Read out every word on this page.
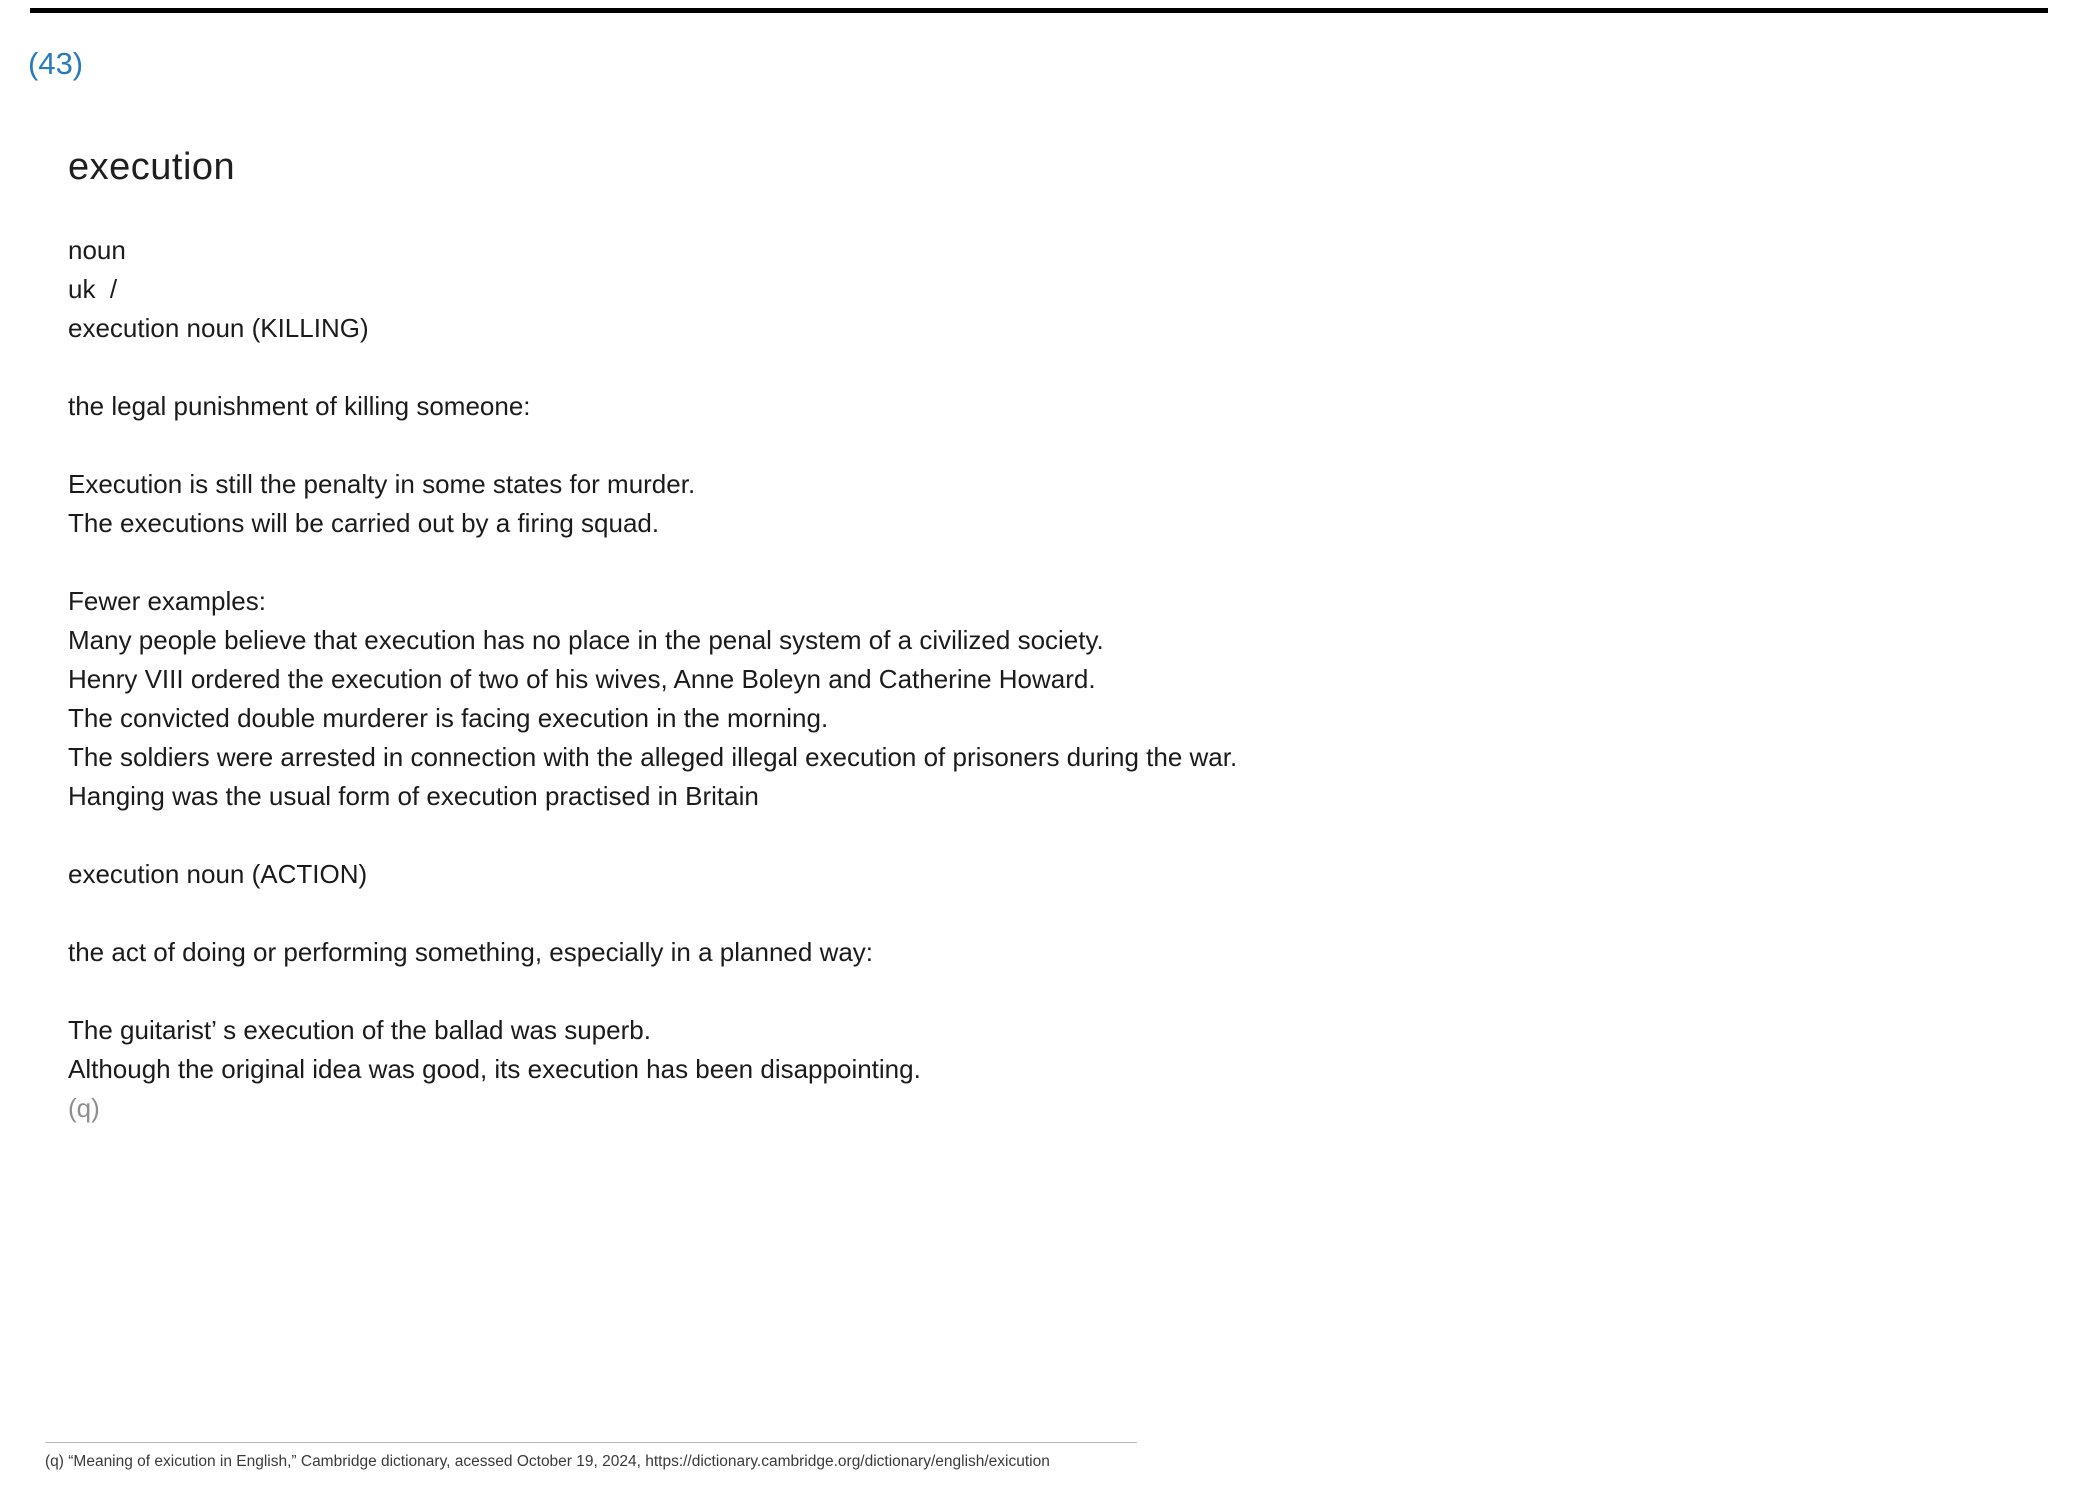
(43)
execution
noun
uk  /
execution noun (KILLING)
the legal punishment of killing someone:
Execution is still the penalty in some states for murder.
The executions will be carried out by a firing squad.
Fewer examples:
Many people believe that execution has no place in the penal system of a civilized society.
Henry VIII ordered the execution of two of his wives, Anne Boleyn and Catherine Howard.
The convicted double murderer is facing execution in the morning.
The soldiers were arrested in connection with the alleged illegal execution of prisoners during the war.
Hanging was the usual form of execution practised in Britain
execution noun (ACTION)
the act of doing or performing something, especially in a planned way:
The guitarist’ s execution of the ballad was superb.
Although the original idea was good, its execution has been disappointing.
(q)
(q) “Meaning of exicution in English,” Cambridge dictionary, acessed October 19, 2024, https://dictionary.cambridge.org/dictionary/english/exicution
